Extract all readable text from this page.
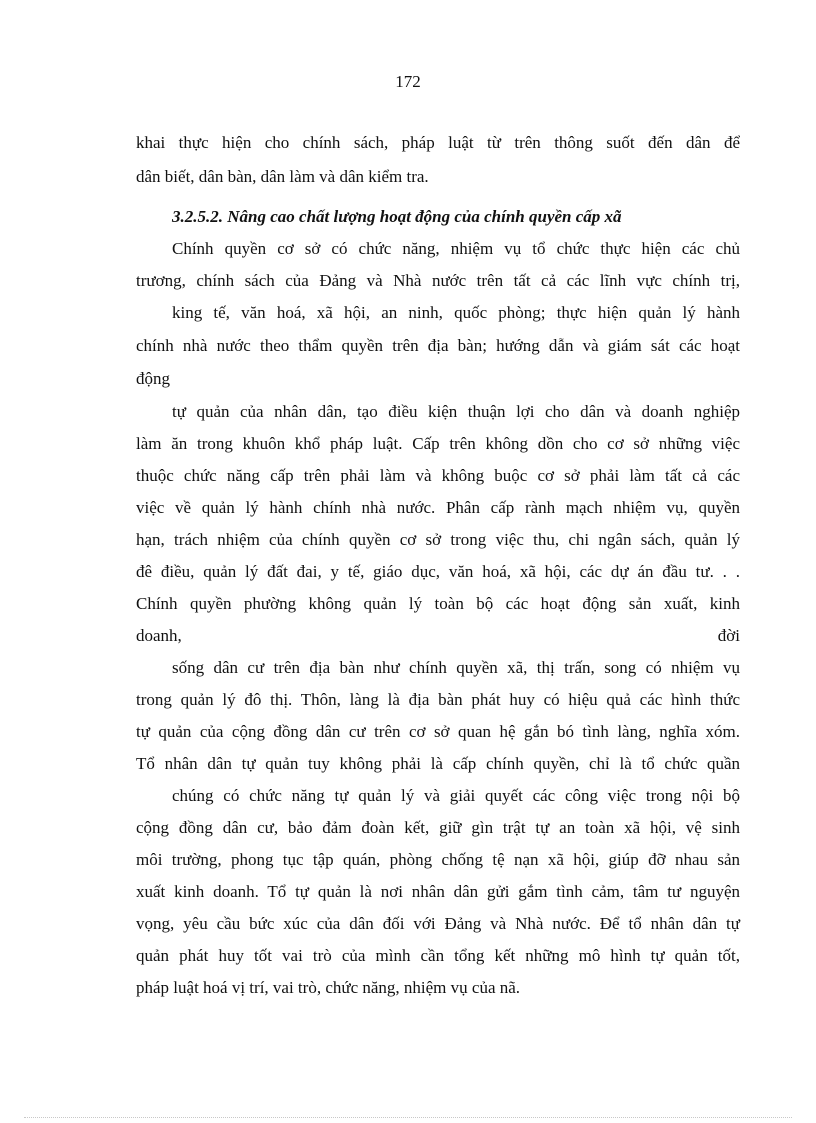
172
khai thực hiện cho chính sách, pháp luật từ trên thông suốt đến dân để
dân biết, dân bàn, dân làm và dân kiểm tra.
3.2.5.2. Nâng cao chất lượng hoạt động của chính quyền cấp xã
Chính quyền cơ sở có chức năng, nhiệm vụ tổ chức thực hiện các chủ
trương, chính sách của Đảng và Nhà nước trên tất cả các lĩnh vực chính trị,
king tế, văn hoá, xã hội, an ninh, quốc phòng; thực hiện quản lý hành
chính nhà nước theo thẩm quyền trên địa bàn; hướng dẫn và giám sát các hoạt
động
tự quản của nhân dân, tạo điều kiện thuận lợi cho dân và doanh nghiệp
làm ăn trong khuôn khổ pháp luật. Cấp trên không dồn cho cơ sở những việc
thuộc chức năng cấp trên phải làm và không buộc cơ sở phải làm tất cả các
việc về quản lý hành chính nhà nước. Phân cấp rành mạch nhiệm vụ, quyền
hạn, trách nhiệm của chính quyền cơ sở trong việc thu, chi ngân sách, quản lý
đê điều, quản lý đất đai, y tế, giáo dục, văn hoá, xã hội, các dự án đầu tư. . .
Chính quyền phường không quản lý toàn bộ các hoạt động sản xuất, kinh
doanh,	đời
sống dân cư trên địa bàn như chính quyền xã, thị trấn, song có nhiệm vụ
trong quản lý đô thị. Thôn, làng là địa bàn phát huy có hiệu quả các hình thức
tự quản của cộng đồng dân cư trên cơ sở quan hệ gắn bó tình làng, nghĩa xóm.
Tổ nhân dân tự quản tuy không phải là cấp chính quyền, chỉ là tổ chức quần
chúng có chức năng tự quản lý và giải quyết các công việc trong nội bộ
cộng đồng dân cư, bảo đảm đoàn kết, giữ gìn trật tự an toàn xã hội, vệ sinh
môi trường, phong tục tập quán, phòng chống tệ nạn xã hội, giúp đỡ nhau sản
xuất kinh doanh. Tổ tự quản là nơi nhân dân gửi gắm tình cảm, tâm tư nguyện
vọng, yêu cầu bức xúc của dân đối với Đảng và Nhà nước. Để tổ nhân dân tự
quản phát huy tốt vai trò của mình cần tổng kết những mô hình tự quản tốt,
pháp luật hoá vị trí, vai trò, chức năng, nhiệm vụ của nã.
